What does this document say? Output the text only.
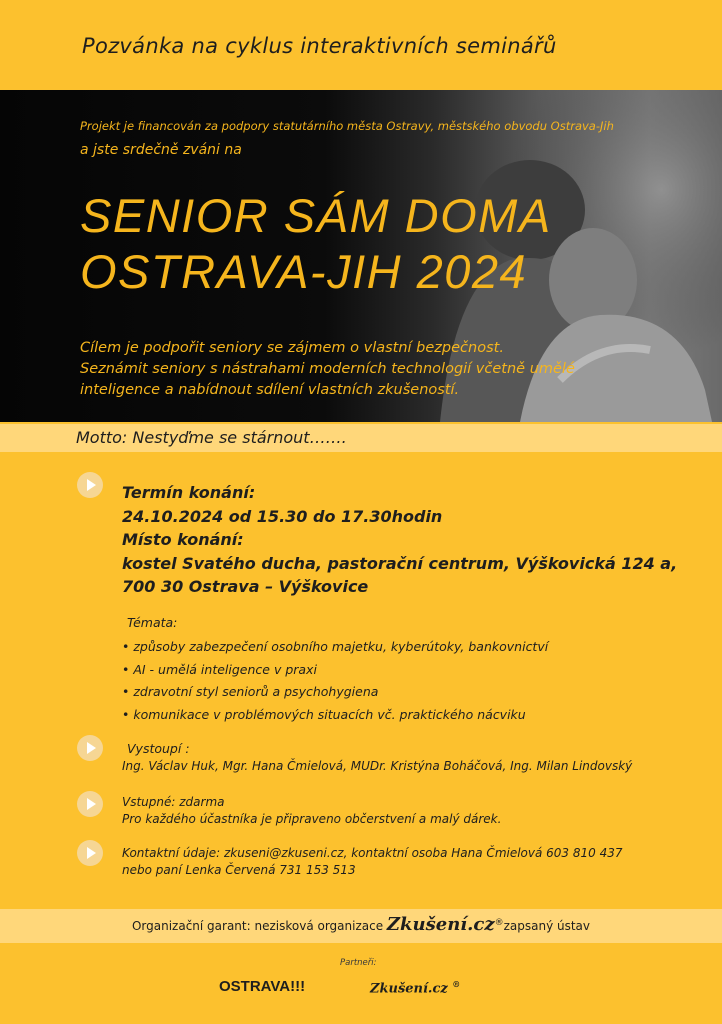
Pozvánka na cyklus interaktivních seminářů
Projekt je financován za podpory statutárního města Ostravy, městského obvodu Ostrava-Jih
a jste srdečně zváni na
SENIOR SÁM DOMA
OSTRAVA-JIH 2024
Cílem je podpořit seniory se zájmem o vlastní bezpečnost.
Seznámit seniory s nástrahami moderních technologií včetně umělé
inteligence a nabídnout sdílení vlastních zkušeností.
Motto: Nestyďme se stárnout…….
Termín konání:
24.10.2024 od 15.30 do 17.30hodin
Místo konání:
kostel Svatého ducha, pastorační centrum, Výškovická 124 a,
700 30 Ostrava – Výškovice
Témata:
• způsoby zabezpečení osobního majetku, kyberútoky, bankovnictví
• AI - umělá inteligence v praxi
• zdravotní styl seniorů a psychohygiena
• komunikace v problémových situacích vč. praktického nácviku
Vystoupí :
Ing. Václav Huk, Mgr. Hana Čmielová, MUDr. Kristýna Boháčová, Ing. Milan Lindovský
Vstupné: zdarma
Pro každého účastníka je připraveno občerstvení a malý dárek.
Kontaktní údaje: zkuseni@zkuseni.cz, kontaktní osoba Hana Čmielová 603 810 437
nebo paní Lenka Červená 731 153 513
Organizační garant: nezisková organizace Zkušení.cz®zapsaný ústav
Partneři:
OSTRAVA!!!	Zkušení.cz ®
